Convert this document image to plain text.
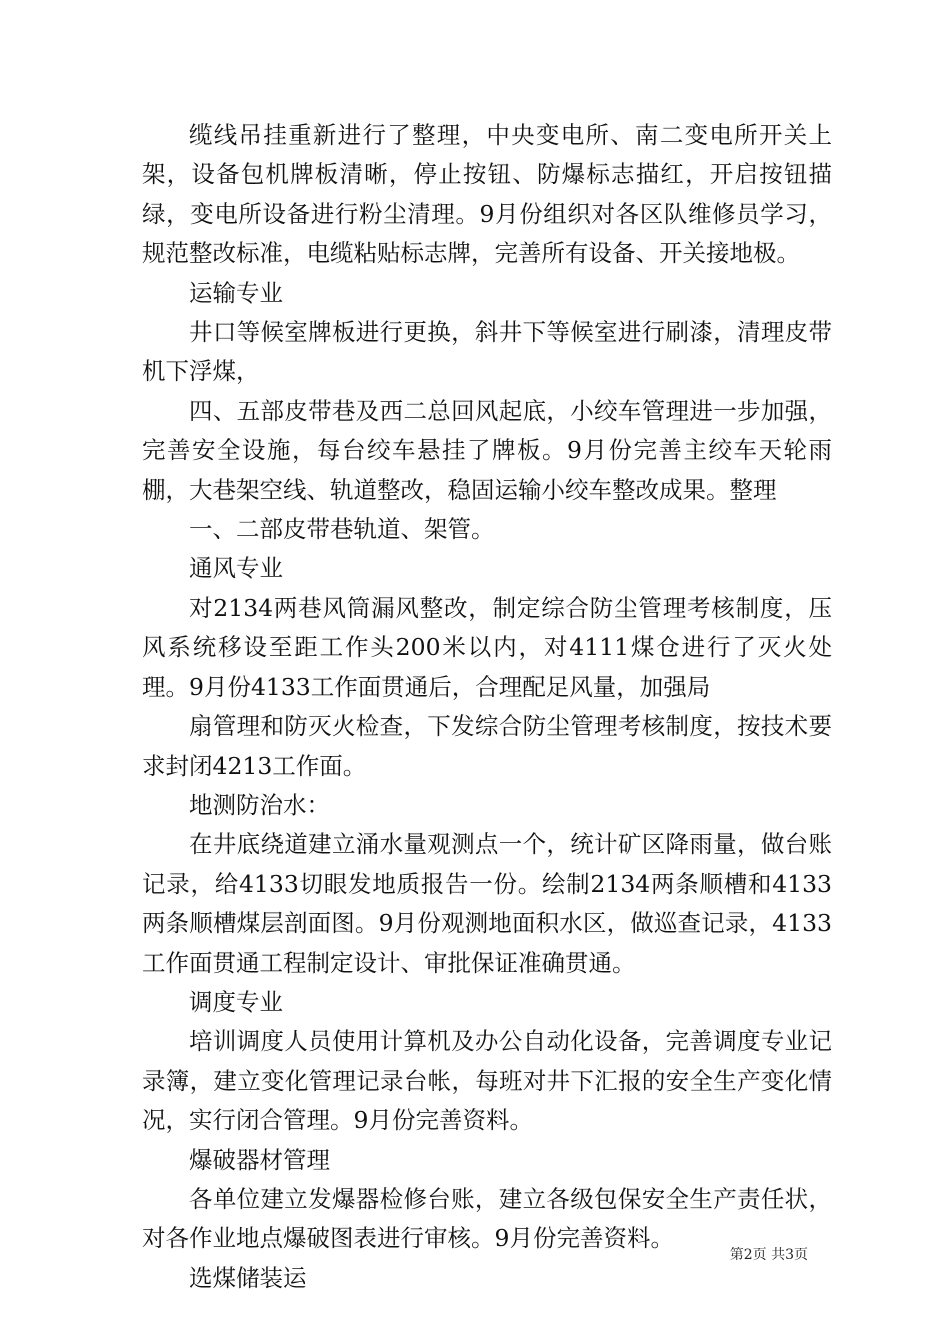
缆线吊挂重新进行了整理，中央变电所、南二变电所开关上架，设备包机牌板清晰，停止按钮、防爆标志描红，开启按钮描绿，变电所设备进行粉尘清理。9月份组织对各区队维修员学习，规范整改标准，电缆粘贴标志牌，完善所有设备、开关接地极。

运输专业

井口等候室牌板进行更换，斜井下等候室进行刷漆，清理皮带机下浮煤，

四、五部皮带巷及西二总回风起底，小绞车管理进一步加强，完善安全设施，每台绞车悬挂了牌板。9月份完善主绞车天轮雨棚，大巷架空线、轨道整改，稳固运输小绞车整改成果。整理

一、二部皮带巷轨道、架管。

通风专业

对2134两巷风筒漏风整改，制定综合防尘管理考核制度，压风系统移设至距工作头200米以内，对4111煤仓进行了灭火处理。9月份4133工作面贯通后，合理配足风量，加强局

扇管理和防灭火检查，下发综合防尘管理考核制度，按技术要求封闭4213工作面。

地测防治水：

在井底绕道建立涌水量观测点一个，统计矿区降雨量，做台账记录，给4133切眼发地质报告一份。绘制2134两条顺槽和4133两条顺槽煤层剖面图。9月份观测地面积水区，做巡查记录，4133工作面贯通工程制定设计、审批保证准确贯通。

调度专业

培训调度人员使用计算机及办公自动化设备，完善调度专业记录簿，建立变化管理记录台帐，每班对井下汇报的安全生产变化情况，实行闭合管理。9月份完善资料。

爆破器材管理

各单位建立发爆器检修台账，建立各级包保安全生产责任状，对各作业地点爆破图表进行审核。9月份完善资料。

选煤储装运

第2页 共3页
